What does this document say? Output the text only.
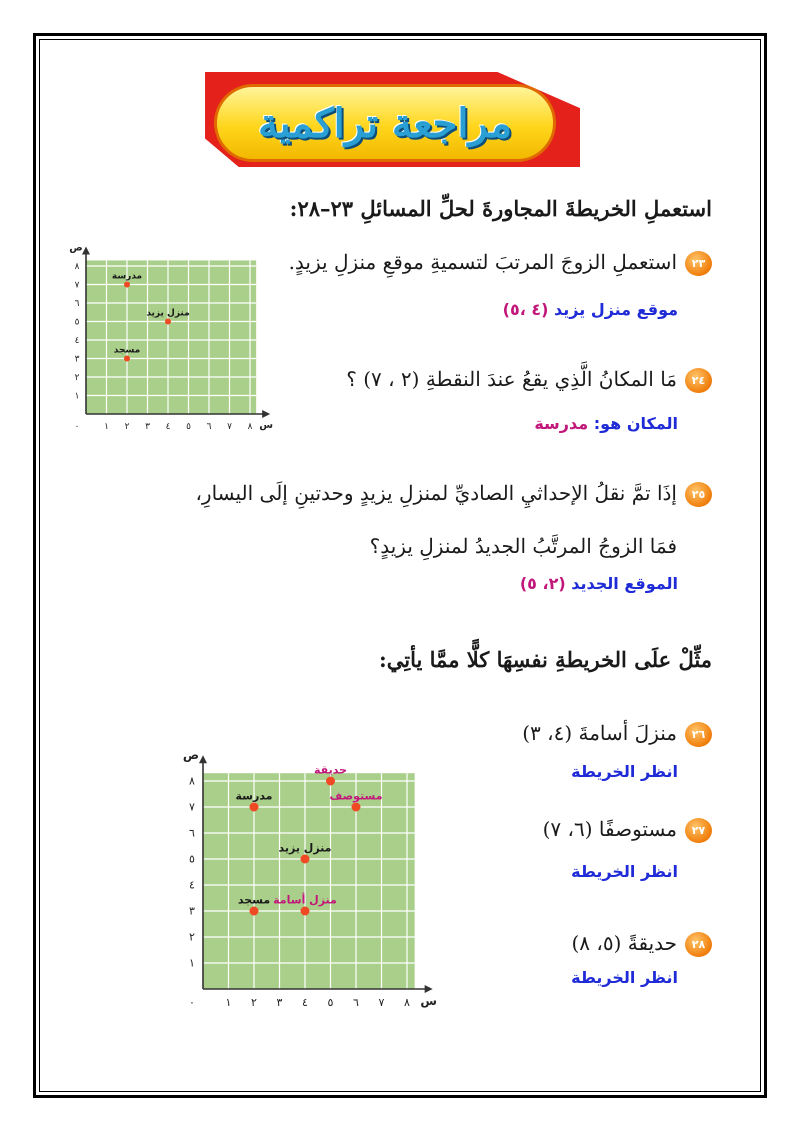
مراجعة تراكمية
استعملِ الخريطةَ المجاورةَ لحلِّ المسائلِ ٢٣–٢٨:
٢٣استعملِ الزوجَ المرتبَ لتسميةِ موقعِ منزلِ يزيدٍ.
موقع منزل يزيد (٤ ،٥)
٢٤مَا المكانُ الَّذِي يقعُ عندَ النقطةِ (٢ ، ٧) ؟
المكان هو: مدرسة
٢٥إذَا تمَّ نقلُ الإحداثيِ الصاديِّ لمنزلِ يزيدٍ وحدتينِ إلَى اليسارِ،
فمَا الزوجُ المرتَّبُ الجديدُ لمنزلِ يزيدٍ؟
الموقع الجديد (٢، ٥)
مثِّلْ علَى الخريطةِ نفسِهَا كلًّا ممَّا يأتِي:
٢٦منزلَ أسامةَ (٤، ٣)
انظر الخريطة
٢٧مستوصفًا (٦، ٧)
انظر الخريطة
٢٨حديقةً (٥، ٨)
انظر الخريطة
س
ص
١ ٢ ٣ ٤ ٥ ٦ ٧ ٨
١
٢
٣
٤
٥
٦
٧
٨
٠
مدرسة
منزل يزيد
مسجد
س
ص
١ ٢ ٣ ٤ ٥ ٦ ٧ ٨
١
٢
٣
٤
٥
٦
٧
٨
٠
حديقة
مدرسة	مستوصف
منزل يزيد
منزل أسامة
مسجد
